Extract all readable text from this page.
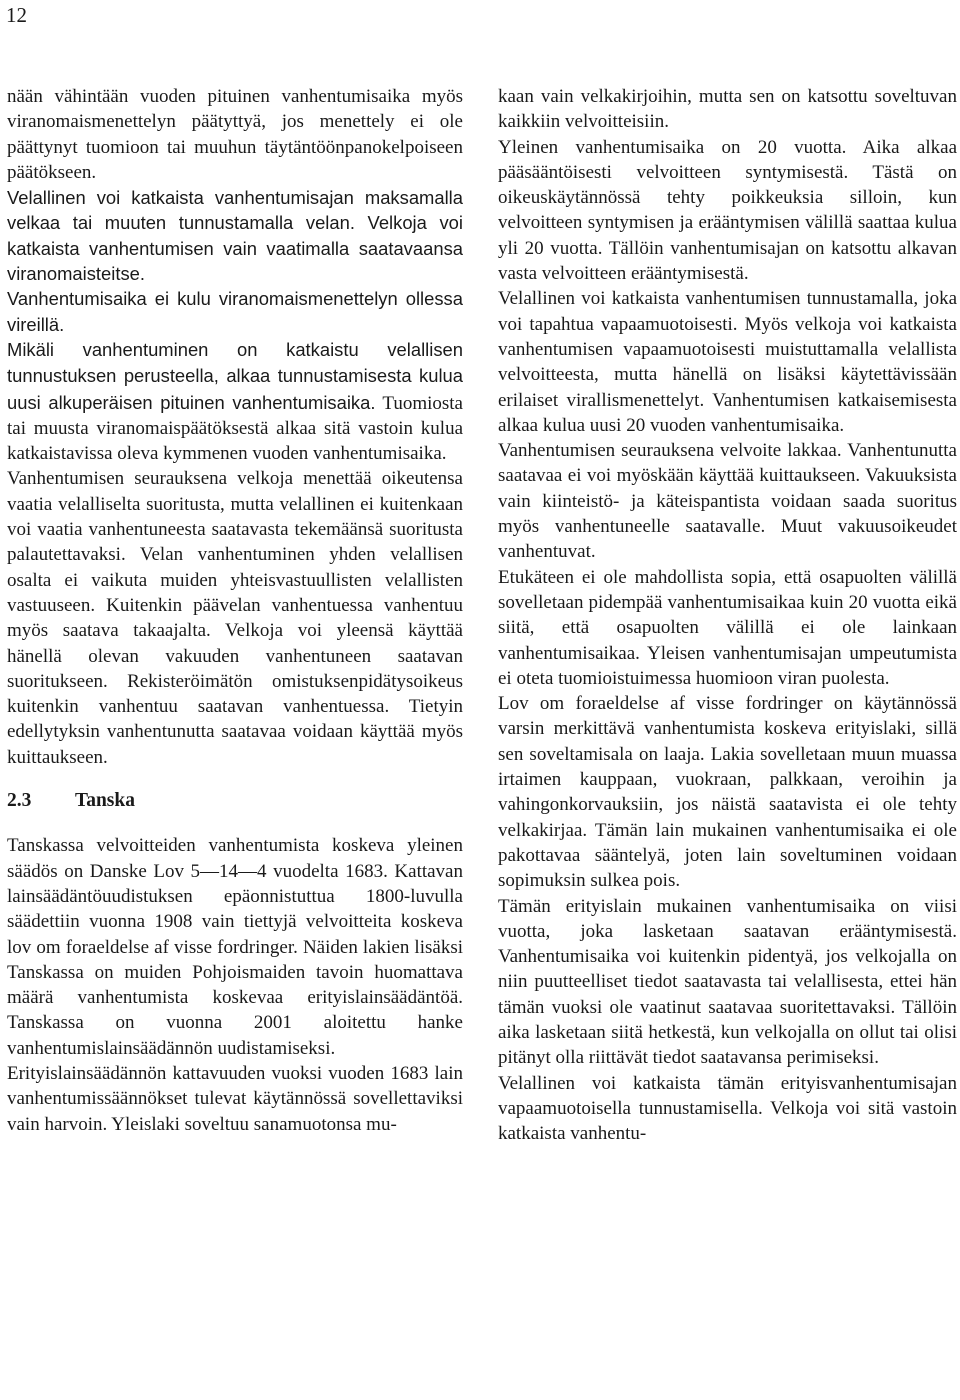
12

nään vähintään vuoden pituinen vanhentumisaika myös viranomaismenettelyn päätyttyä, jos menettely ei ole päättynyt tuomioon tai muuhun täytäntöönpanokelpoiseen päätökseen.

Velallinen voi katkaista vanhentumisajan maksamalla velkaa tai muuten tunnustamalla velan. Velkoja voi katkaista vanhentumisen vain vaatimalla saatavaansa viranomaisteitse.

Vanhentumisaika ei kulu viranomaismenettelyn ollessa vireillä.

Mikäli vanhentuminen on katkaistu velallisen tunnustuksen perusteella, alkaa tunnustamisesta kulua uusi alkuperäisen pituinen vanhentumisaika. Tuomiosta tai muusta viranomaispäätöksestä alkaa sitä vastoin kulua katkaistavissa oleva kymmenen vuoden vanhentumisaika.

Vanhentumisen seurauksena velkoja menettää oikeutensa vaatia velalliselta suoritusta, mutta velallinen ei kuitenkaan voi vaatia vanhentuneesta saatavasta tekemäänsä suoritusta palautettavaksi. Velan vanhentuminen yhden velallisen osalta ei vaikuta muiden yhteisvastuullisten velallisten vastuuseen. Kuitenkin päävelan vanhentuessa vanhentuu myös saatava takaajalta. Velkoja voi yleensä käyttää hänellä olevan vakuuden vanhentuneen saatavan suoritukseen. Rekisteröimätön omistuksenpidätysoikeus kuitenkin vanhentuu saatavan vanhentuessa. Tietyin edellytyksin vanhentunutta saatavaa voidaan käyttää myös kuittaukseen.

2.3 Tanska

Tanskassa velvoitteiden vanhentumista koskeva yleinen säädös on Danske Lov 5—14—4 vuodelta 1683. Kattavan lainsäädäntöuudistuksen epäonnistuttua 1800-luvulla säädettiin vuonna 1908 vain tiettyjä velvoitteita koskeva lov om foraeldelse af visse fordringer. Näiden lakien lisäksi Tanskassa on muiden Pohjoismaiden tavoin huomattava määrä vanhentumista koskevaa erityislainsäädäntöä. Tanskassa on vuonna 2001 aloitettu hanke vanhentumislainsäädännön uudistamiseksi.

Erityislainsäädännön kattavuuden vuoksi vuoden 1683 lain vanhentumissäännökset tulevat käytännössä sovellettaviksi vain harvoin. Yleislaki soveltuu sanamuotonsa mu-

kaan vain velkakirjoihin, mutta sen on katsottu soveltuvan kaikkiin velvoitteisiin.

Yleinen vanhentumisaika on 20 vuotta. Aika alkaa pääsääntöisesti velvoitteen syntymisestä. Tästä on oikeuskäytännössä tehty poikkeuksia silloin, kun velvoitteen syntymisen ja erääntymisen välillä saattaa kulua yli 20 vuotta. Tällöin vanhentumisajan on katsottu alkavan vasta velvoitteen erääntymisestä.

Velallinen voi katkaista vanhentumisen tunnustamalla, joka voi tapahtua vapaamuotoisesti. Myös velkoja voi katkaista vanhentumisen vapaamuotoisesti muistuttamalla velallista velvoitteesta, mutta hänellä on lisäksi käytettävissään erilaiset virallismenettelyt. Vanhentumisen katkaisemisesta alkaa kulua uusi 20 vuoden vanhentumisaika.

Vanhentumisen seurauksena velvoite lakkaa. Vanhentunutta saatavaa ei voi myöskään käyttää kuittaukseen. Vakuuksista vain kiinteistö- ja käteispantista voidaan saada suoritus myös vanhentuneelle saatavalle. Muut vakuusoikeudet vanhentuvat.

Etukäteen ei ole mahdollista sopia, että osapuolten välillä sovelletaan pidempää vanhentumisaikaa kuin 20 vuotta eikä siitä, että osapuolten välillä ei ole lainkaan vanhentumisaikaa. Yleisen vanhentumisajan umpeutumista ei oteta tuomioistuimessa huomioon viran puolesta.

Lov om foraeldelse af visse fordringer on käytännössä varsin merkittävä vanhentumista koskeva erityislaki, sillä sen soveltamisala on laaja. Lakia sovelletaan muun muassa irtaimen kauppaan, vuokraan, palkkaan, veroihin ja vahingonkorvauksiin, jos näistä saatavista ei ole tehty velkakirjaa. Tämän lain mukainen vanhentumisaika ei ole pakottavaa sääntelyä, joten lain soveltuminen voidaan sopimuksin sulkea pois.

Tämän erityislain mukainen vanhentumisaika on viisi vuotta, joka lasketaan saatavan erääntymisestä. Vanhentumisaika voi kuitenkin pidentyä, jos velkojalla on niin puutteelliset tiedot saatavasta tai velallisesta, ettei hän tämän vuoksi ole vaatinut saatavaa suoritettavaksi. Tällöin aika lasketaan siitä hetkestä, kun velkojalla on ollut tai olisi pitänyt olla riittävät tiedot saatavansa perimiseksi.

Velallinen voi katkaista tämän erityisvanhentumisajan vapaamuotoisella tunnustamisella. Velkoja voi sitä vastoin katkaista vanhentu-
